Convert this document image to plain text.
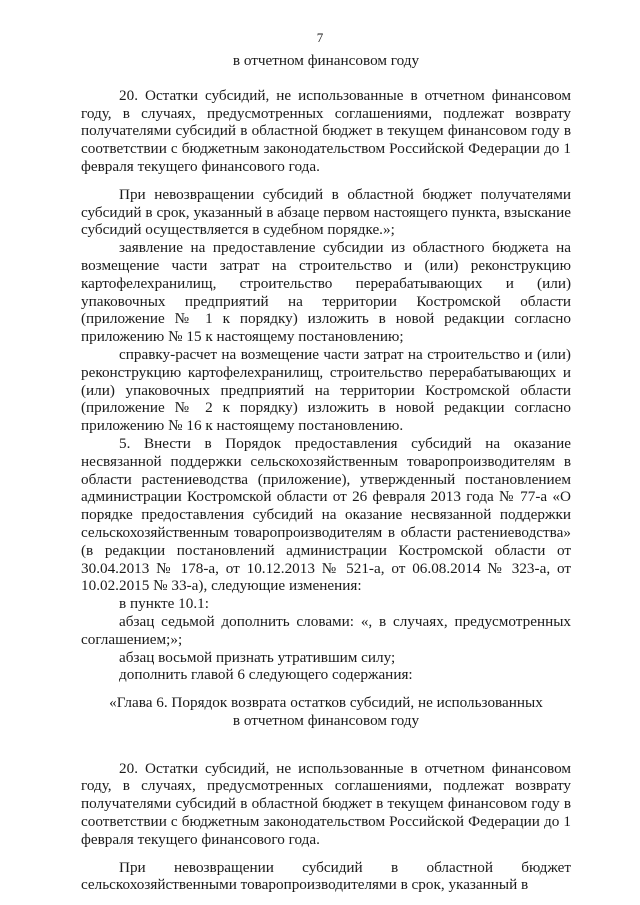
7
в отчетном финансовом году

20. Остатки субсидий, не использованные в отчетном финансовом году, в случаях, предусмотренных соглашениями, подлежат возврату получателями субсидий в областной бюджет в текущем финансовом году в соответствии с бюджетным законодательством Российской Федерации до 1 февраля текущего финансового года.

При невозвращении субсидий в областной бюджет получателями субсидий в срок, указанный в абзаце первом настоящего пункта, взыскание субсидий осуществляется в судебном порядке.»;

заявление на предоставление субсидии из областного бюджета на возмещение части затрат на строительство и (или) реконструкцию картофелехранилищ, строительство перерабатывающих и (или) упаковочных предприятий на территории Костромской области (приложение № 1 к порядку) изложить в новой редакции согласно приложению № 15 к настоящему постановлению;

справку-расчет на возмещение части затрат на строительство и (или) реконструкцию картофелехранилищ, строительство перерабатывающих и (или) упаковочных предприятий на территории Костромской области (приложение № 2 к порядку) изложить в новой редакции согласно приложению № 16 к настоящему постановлению.

5. Внести в Порядок предоставления субсидий на оказание несвязанной поддержки сельскохозяйственным товаропроизводителям в области растениеводства (приложение), утвержденный постановлением администрации Костромской области от 26 февраля 2013 года № 77-а «О порядке предоставления субсидий на оказание несвязанной поддержки сельскохозяйственным товаропроизводителям в области растениеводства» (в редакции постановлений администрации Костромской области от 30.04.2013 № 178-а, от 10.12.2013 № 521-а, от 06.08.2014 № 323-а, от 10.02.2015 № 33-а), следующие изменения:

в пункте 10.1:

абзац седьмой дополнить словами: «, в случаях, предусмотренных соглашением;»;

абзац восьмой признать утратившим силу;

дополнить главой 6 следующего содержания:

«Глава 6. Порядок возврата остатков субсидий, не использованных

в отчетном финансовом году

20. Остатки субсидий, не использованные в отчетном финансовом году, в случаях, предусмотренных соглашениями, подлежат возврату получателями субсидий в областной бюджет в текущем финансовом году в соответствии с бюджетным законодательством Российской Федерации до 1 февраля текущего финансового года.

При невозвращении субсидий в областной бюджет сельскохозяйственными товаропроизводителями в срок, указанный в
